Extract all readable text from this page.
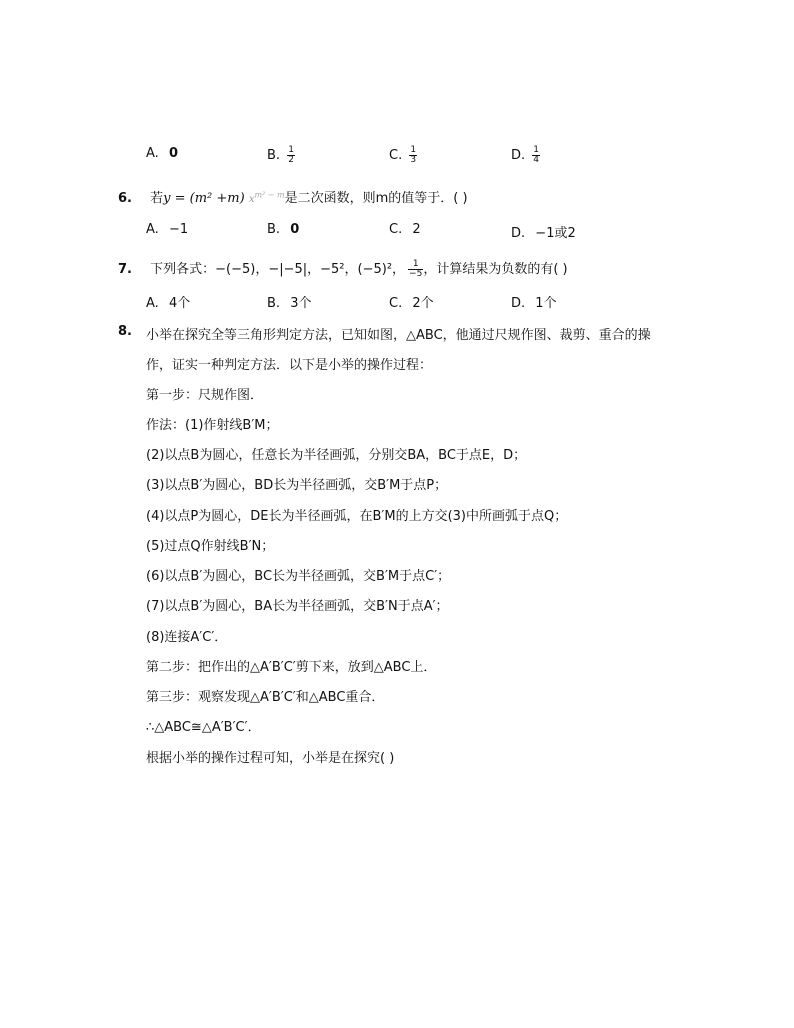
A. 0	B. $\frac{1}{2}$	C. $\frac{1}{3}$	D. $\frac{1}{4}$
6. 若y = (m² +m) $x^{m^2 - m}$是二次函数，则m的值等于．( )
A. −1	B. 0	C. 2	D. −1或2
7. 下列各式：−(−5)，−|−5|，−5²，(−5)²， $\frac{1}{-5}$ ，计算结果为负数的有( )
A. 4个	B. 3个	C. 2个	D. 1个
8. 小举在探究全等三角形判定方法，已知如图，△ABC，他通过尺规作图、裁剪、重合的操
作，证实一种判定方法．以下是小举的操作过程：
第一步：尺规作图．
作法：(1)作射线B′M；
(2)以点B为圆心，任意长为半径画弧，分别交BA，BC于点E，D；
(3)以点B′为圆心，BD长为半径画弧，交B′M于点P；
(4)以点P为圆心，DE长为半径画弧，在B′M的上方交(3)中所画弧于点Q；
(5)过点Q作射线B′N；
(6)以点B′为圆心，BC长为半径画弧，交B′M于点C′；
(7)以点B′为圆心，BA长为半径画弧，交B′N于点A′；
(8)连接A′C′．
第二步：把作出的△A′B′C′剪下来，放到△ABC上．
第三步：观察发现△A′B′C′和△ABC重合．
∴△ABC≅△A′B′C′．
根据小举的操作过程可知，小举是在探究( )
